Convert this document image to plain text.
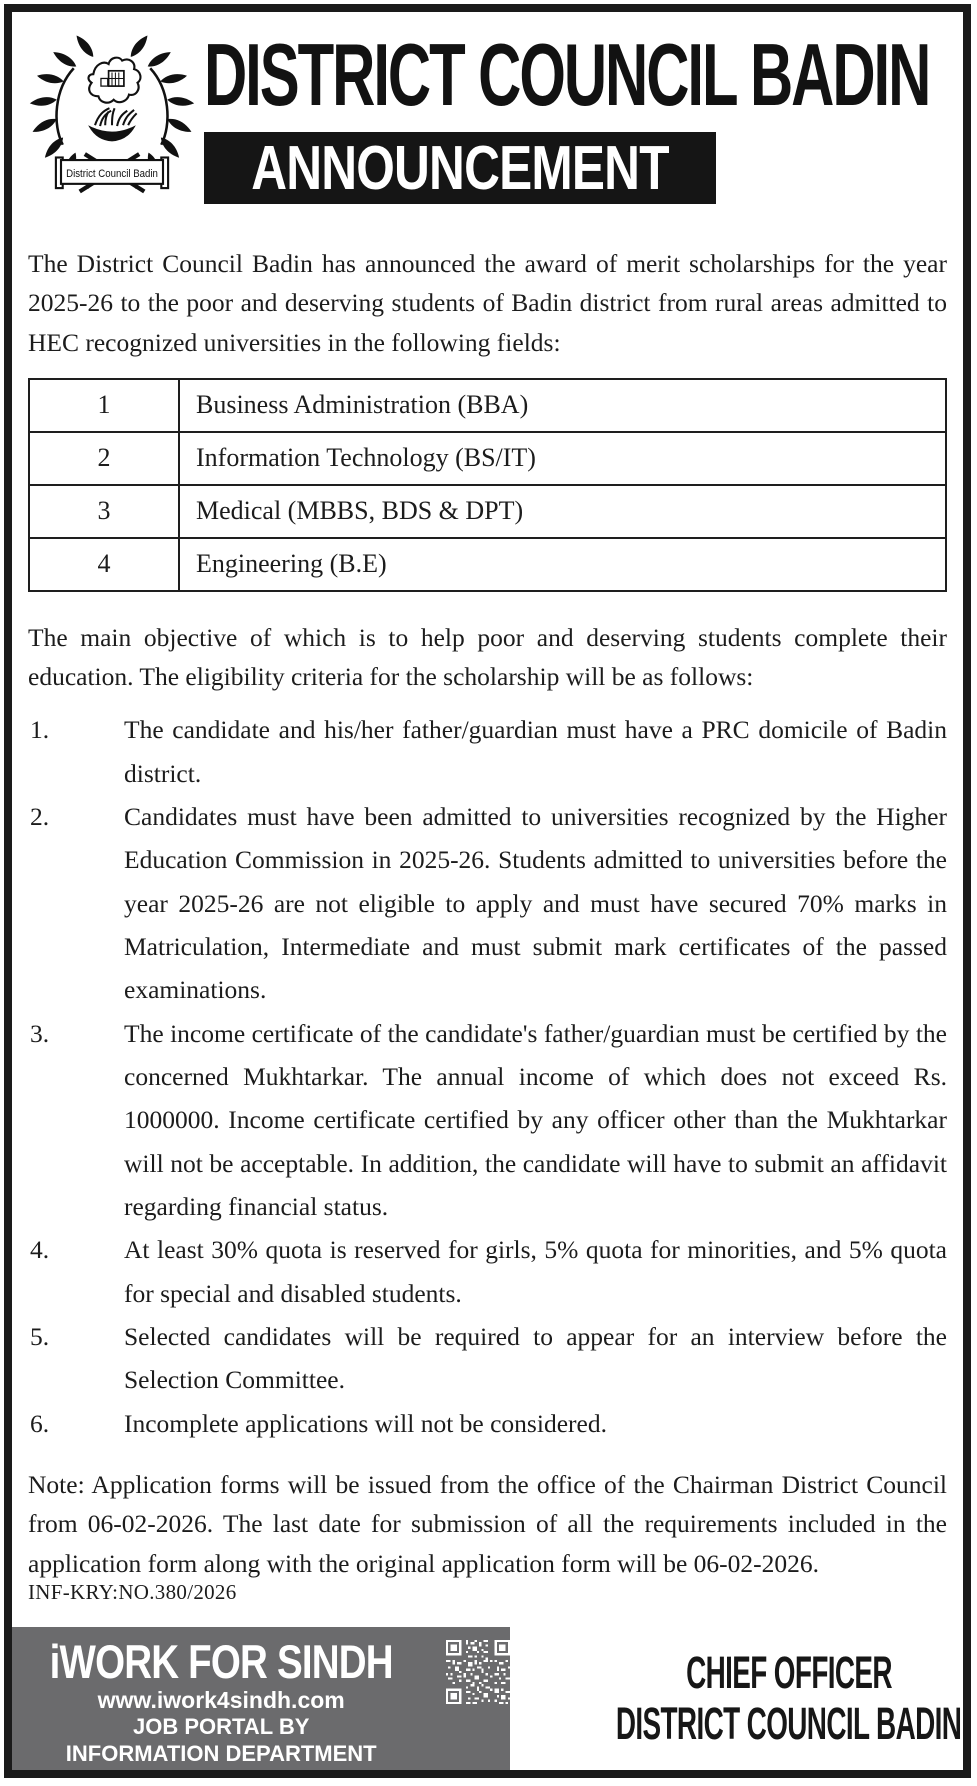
District Council Badin
DISTRICT COUNCIL BADIN
ANNOUNCEMENT

The District Council Badin has announced the award of merit scholarships for the year 2025-26 to the poor and deserving students of Badin district from rural areas admitted to HEC recognized universities in the following fields:

1	Business Administration (BBA)
2	Information Technology (BS/IT)
3	Medical (MBBS, BDS & DPT)
4	Engineering (B.E)

The main objective of which is to help poor and deserving students complete their education. The eligibility criteria for the scholarship will be as follows:

1.	The candidate and his/her father/guardian must have a PRC domicile of Badin district.
2.	Candidates must have been admitted to universities recognized by the Higher Education Commission in 2025-26. Students admitted to universities before the year 2025-26 are not eligible to apply and must have secured 70% marks in Matriculation, Intermediate and must submit mark certificates of the passed examinations.
3.	The income certificate of the candidate's father/guardian must be certified by the concerned Mukhtarkar. The annual income of which does not exceed Rs. 1000000. Income certificate certified by any officer other than the Mukhtarkar will not be acceptable. In addition, the candidate will have to submit an affidavit regarding financial status.
4.	At least 30% quota is reserved for girls, 5% quota for minorities, and 5% quota for special and disabled students.
5.	Selected candidates will be required to appear for an interview before the Selection Committee.
6.	Incomplete applications will not be considered.

Note: Application forms will be issued from the office of the Chairman District Council from 06-02-2026. The last date for submission of all the requirements included in the application form along with the original application form will be 06-02-2026.

INF-KRY:NO.380/2026
iWORK FOR SINDH
www.iwork4sindh.com
JOB PORTAL BY
INFORMATION DEPARTMENT
CHIEF OFFICER
DISTRICT COUNCIL BADIN
